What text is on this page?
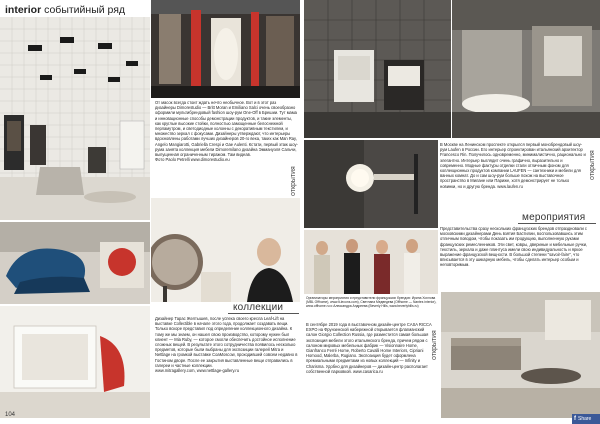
interior событийный ряд

От масок всегда стоит ждать нечто необычное. Вот и в этот раз дизайнеры Dimorestudio — Britt Moran и Emiliano Salci очень своеобразно оформили мультибрендовый fashion шоу-рум One-Off в Брешии. Тут мама и инновационные способы демонстрации продуктов, и такие элементы, как круглые высокие стойки, полностью замощенные белоснежной перламутром, и светодиодные колонны с декоративным текстилем, и множество зеркал с фокусами. Дизайнеры утверждают, что интерьеры вдохновлены работами лучших дизайнеров 20-го века, таких как Man Ray, Angelo Mangiarotti, Gabriella Crespi и Gae Aulenti. Кстати, первый этаж шоу-рума занята коллекция мебели Dimoremilano дизайна Эммануэля Сальчи, выпущенная ограниченным тиражом. Там видеав.

Фото Paolo Petrelli www.dimorestudio.eu

коллекции

Дизайнер Тарас Желтышев, после успеха своего кресла Leaf-Lift на выставке Collectible в начале этого года, продолжает создавать вещи. Только вскоре представил под определение коллекционного дизайна. К тому же мы знаем, он нашел свою производство, которому нужен был клиент — Mia Ruby, — которое смогли обеспечить достойное исполнение сложных вещей. В результате этого сотрудничества появилось несколько предметов, которые были выбраны для экспозиции галерей Mitra и Nettlage на громкой выставке CoaMoscow, проходившей совсем недавно в Гостином дворе. После ее закрытия выставленные вещи отправились в галереи и частные коллекции.

www.mitragallery.com, www.nettlage-gallery.ru

104
открытия

В Москве на Ленинском проспекте открылся первый монобрендовый шоу-рум Laufen в России. Его интерьер спроектирован итальянский архитектор Francesco Rin. Получилось одновременно, минималистично, рационально и элегантно. Интерьер выглядит очень графично, выразительно и современно. Модные фактуры отделки стали отличным фоном для коллекционных продуктов компании LAUFEN — сантехники и мебели для ванных комнат. До и сам шоу-рум больше похож на выставочное пространство в Милане или Париже, хотя демонстрирует не только новинки, но и другую бренда. www.laufen.ru

открытия
мероприятия

Представительства сразу нескольких французских брендов отпраздновали с московскими дизайнерами День взятия Бастилии, воспользовавшись этим отличным поводом, чтобы показать им продукцию, выполненную руками французских ремесленников. Эти свет, ковры, двериные и мебельные ручки, текстиль, зеркала и даже плинтуса имели свою индивидуальность и яркое выражение французской вещности. В большой степени "savoir-faire", что вписывается в эту шикарную мебель, чтобы сделать интерьер особым и неповторимым.

Организаторы мероприятия и представители французских брендов: Ирина Хохлова (MBL Offhome), www.lt-lecons.com), Светлана Медведева (Offhome — Nantes interior), www.offhome.ru и Александра Андреева (Beverly Hills, www.beverlyhills.ru)
открытия

В сентябре 2019 года в выставочном дизайн-центре CASA RICCA EXPO на Фрунзенской набережной открывается флагманский салон Giorgio Collection Russia, где разместится самая большая экспозиция мебели этого итальянского бренда, причем рядом с салоном мировых мебельных фабрик — Visionnaire Home, Gianfranco Ferré Home, Roberto Cavalli Home Interiors, Cipriani Homood, Malerba, Rugiano. Экспозиция будет оформлена премиальными предметами из новых коллекций — Infinity и Charisma. Удобно для дизайнеров — дизайн-центр располагает собственной парковкой. www.casarica.ru

f Share
